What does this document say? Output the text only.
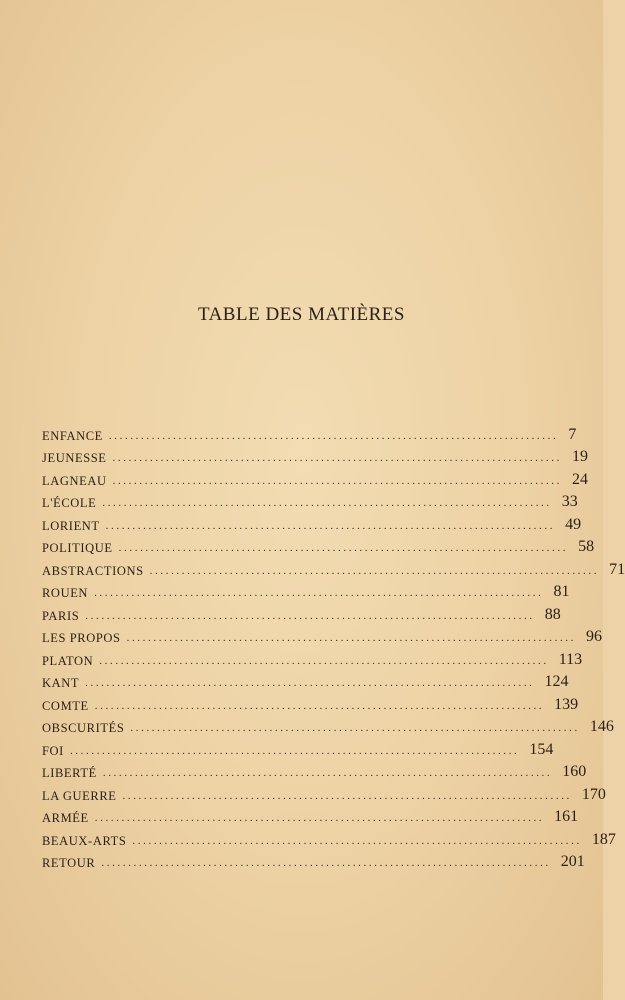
TABLE DES MATIÈRES
ENFANCE .................................................................................... 7
JEUNESSE .................................................................................... 19
LAGNEAU .................................................................................... 24
L'ÉCOLE .................................................................................... 33
LORIENT .................................................................................... 49
POLITIQUE .................................................................................... 58
ABSTRACTIONS .................................................................................... 71
ROUEN .................................................................................... 81
PARIS .................................................................................... 88
LES PROPOS .................................................................................... 96
PLATON .................................................................................... 113
KANT .................................................................................... 124
COMTE .................................................................................... 139
OBSCURITÉS .................................................................................... 146
FOI .................................................................................... 154
LIBERTÉ .................................................................................... 160
LA GUERRE .................................................................................... 170
ARMÉE .................................................................................... 161
BEAUX-ARTS .................................................................................... 187
RETOUR .................................................................................... 201
